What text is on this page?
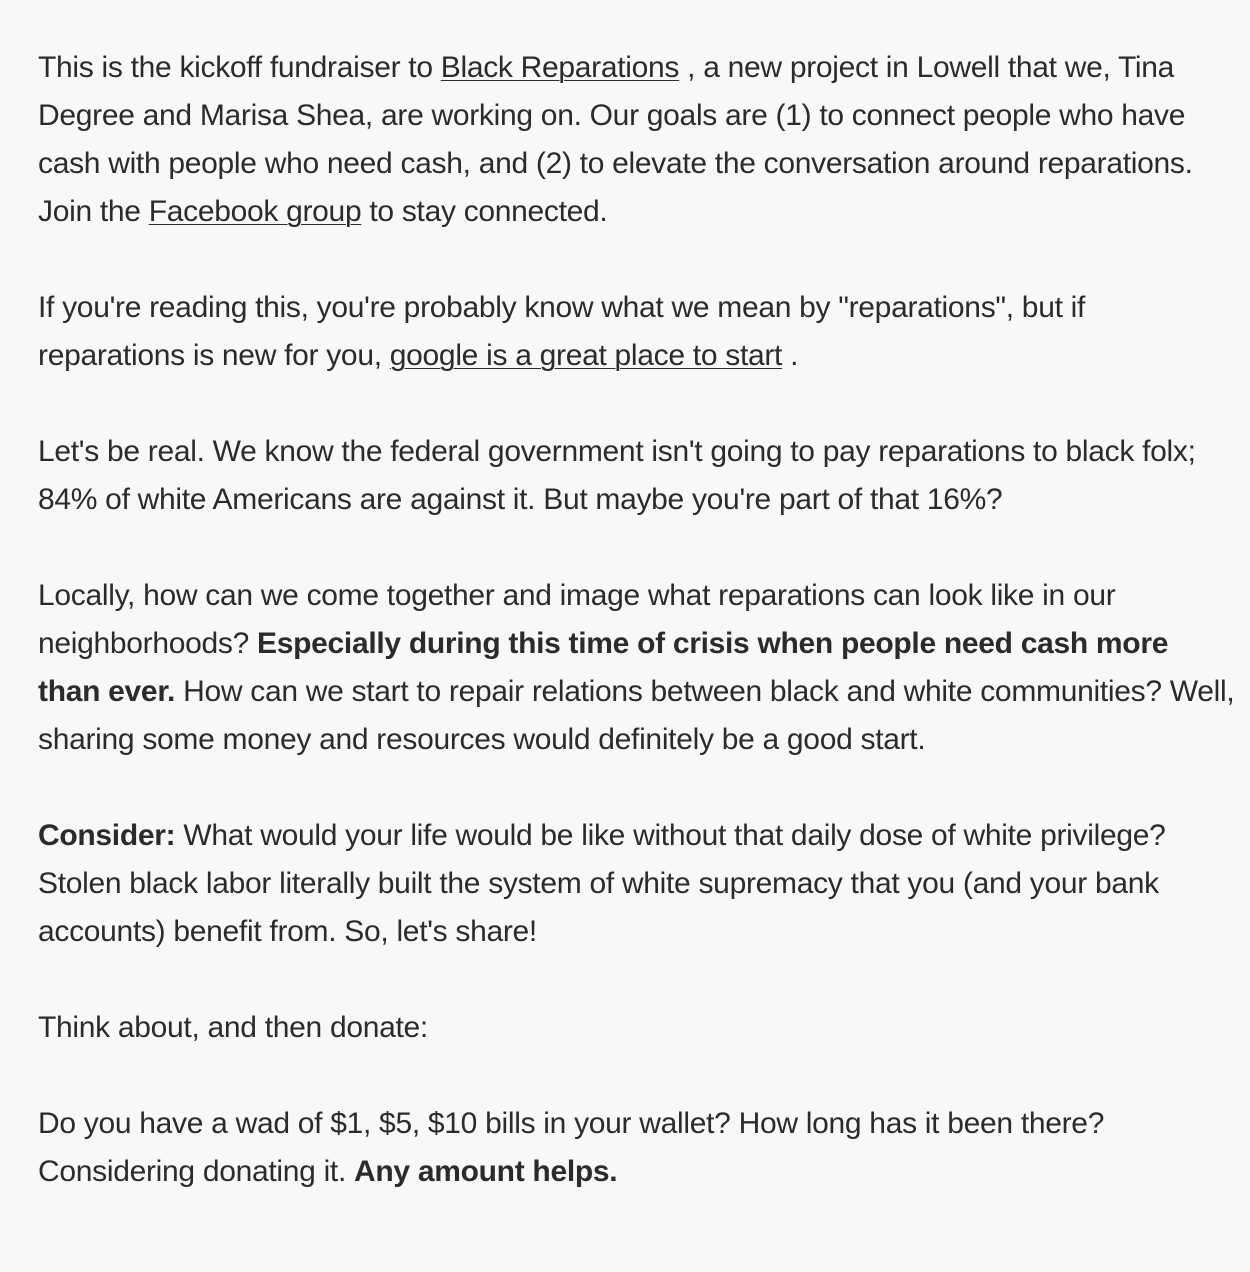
This is the kickoff fundraiser to Black Reparations , a new project in Lowell that we, Tina Degree and Marisa Shea, are working on. Our goals are (1) to connect people who have cash with people who need cash, and (2) to elevate the conversation around reparations. Join the Facebook group to stay connected.

If you're reading this, you're probably know what we mean by "reparations", but if reparations is new for you, google is a great place to start .

Let's be real. We know the federal government isn't going to pay reparations to black folx; 84% of white Americans are against it. But maybe you're part of that 16%?

Locally, how can we come together and image what reparations can look like in our neighborhoods? Especially during this time of crisis when people need cash more than ever. How can we start to repair relations between black and white communities? Well, sharing some money and resources would definitely be a good start.

Consider: What would your life would be like without that daily dose of white privilege? Stolen black labor literally built the system of white supremacy that you (and your bank accounts) benefit from. So, let's share!

Think about, and then donate:

Do you have a wad of $1, $5, $10 bills in your wallet? How long has it been there? Considering donating it. Any amount helps.
